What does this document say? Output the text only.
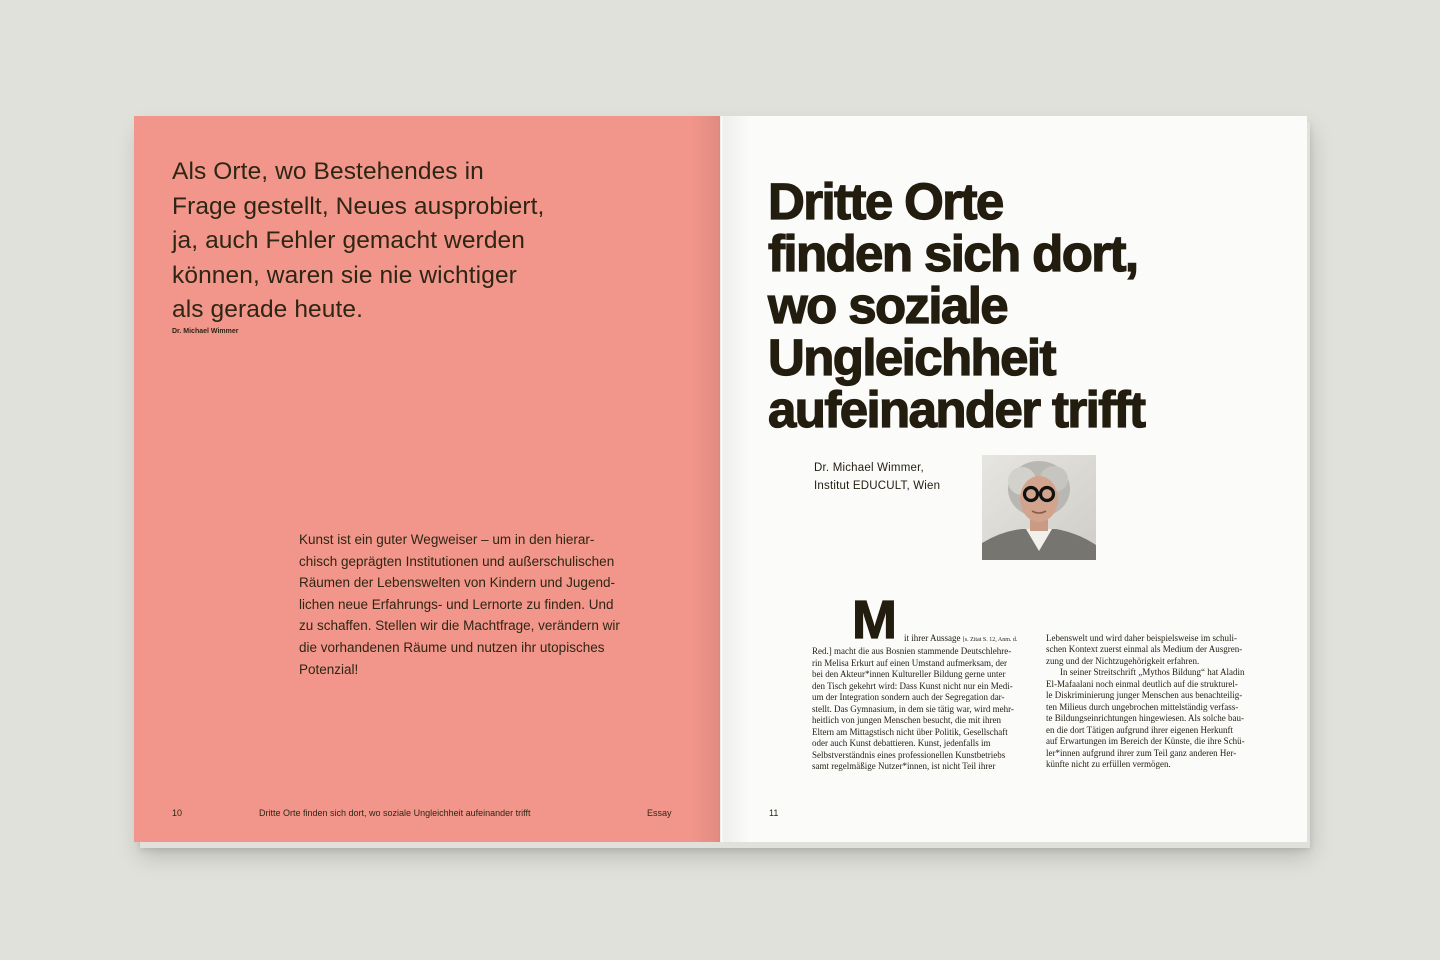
Als Orte, wo Bestehendes in
Frage gestellt, Neues ausprobiert,
ja, auch Fehler gemacht werden
können, waren sie nie wichtiger
als gerade heute.
Dr. Michael Wimmer
Kunst ist ein guter Wegweiser – um in den hierar-
chisch geprägten Institutionen und außerschulischen
Räumen der Lebenswelten von Kindern und Jugend-
lichen neue Erfahrungs- und Lernorte zu finden. Und
zu schaffen. Stellen wir die Machtfrage, verändern wir
die vorhandenen Räume und nutzen ihr utopisches
Potenzial!
10	Dritte Orte finden sich dort, wo soziale Ungleichheit aufeinander trifft	Essay
Dritte Orte
finden sich dort,
wo soziale
Ungleichheit
aufeinander trifft
Dr. Michael Wimmer,
Institut EDUCULT, Wien
M	it ihrer Aussage [s. Zitat S. 12, Anm. d.
Red.] macht die aus Bosnien stammende Deutschlehre-
rin Melisa Erkurt auf einen Umstand aufmerksam, der
bei den Akteur*innen Kultureller Bildung gerne unter
den Tisch gekehrt wird: Dass Kunst nicht nur ein Medi-
um der Integration sondern auch der Segregation dar-
stellt. Das Gymnasium, in dem sie tätig war, wird mehr-
heitlich von jungen Menschen besucht, die mit ihren
Eltern am Mittagstisch nicht über Politik, Gesellschaft
oder auch Kunst debattieren. Kunst, jedenfalls im
Selbstverständnis eines professionellen Kunstbetriebs
samt regelmäßige Nutzer*innen, ist nicht Teil ihrer
Lebenswelt und wird daher beispielsweise im schuli-
schen Kontext zuerst einmal als Medium der Ausgren-
zung und der Nichtzugehörigkeit erfahren.
In seiner Streitschrift „Mythos Bildung“ hat Aladin
El-Mafaalani noch einmal deutlich auf die strukturel-
le Diskriminierung junger Menschen aus benachteilig-
ten Milieus durch ungebrochen mittelständig verfass-
te Bildungseinrichtungen hingewiesen. Als solche bau-
en die dort Tätigen aufgrund ihrer eigenen Herkunft
auf Erwartungen im Bereich der Künste, die ihre Schü-
ler*innen aufgrund ihrer zum Teil ganz anderen Her-
künfte nicht zu erfüllen vermögen.
11
